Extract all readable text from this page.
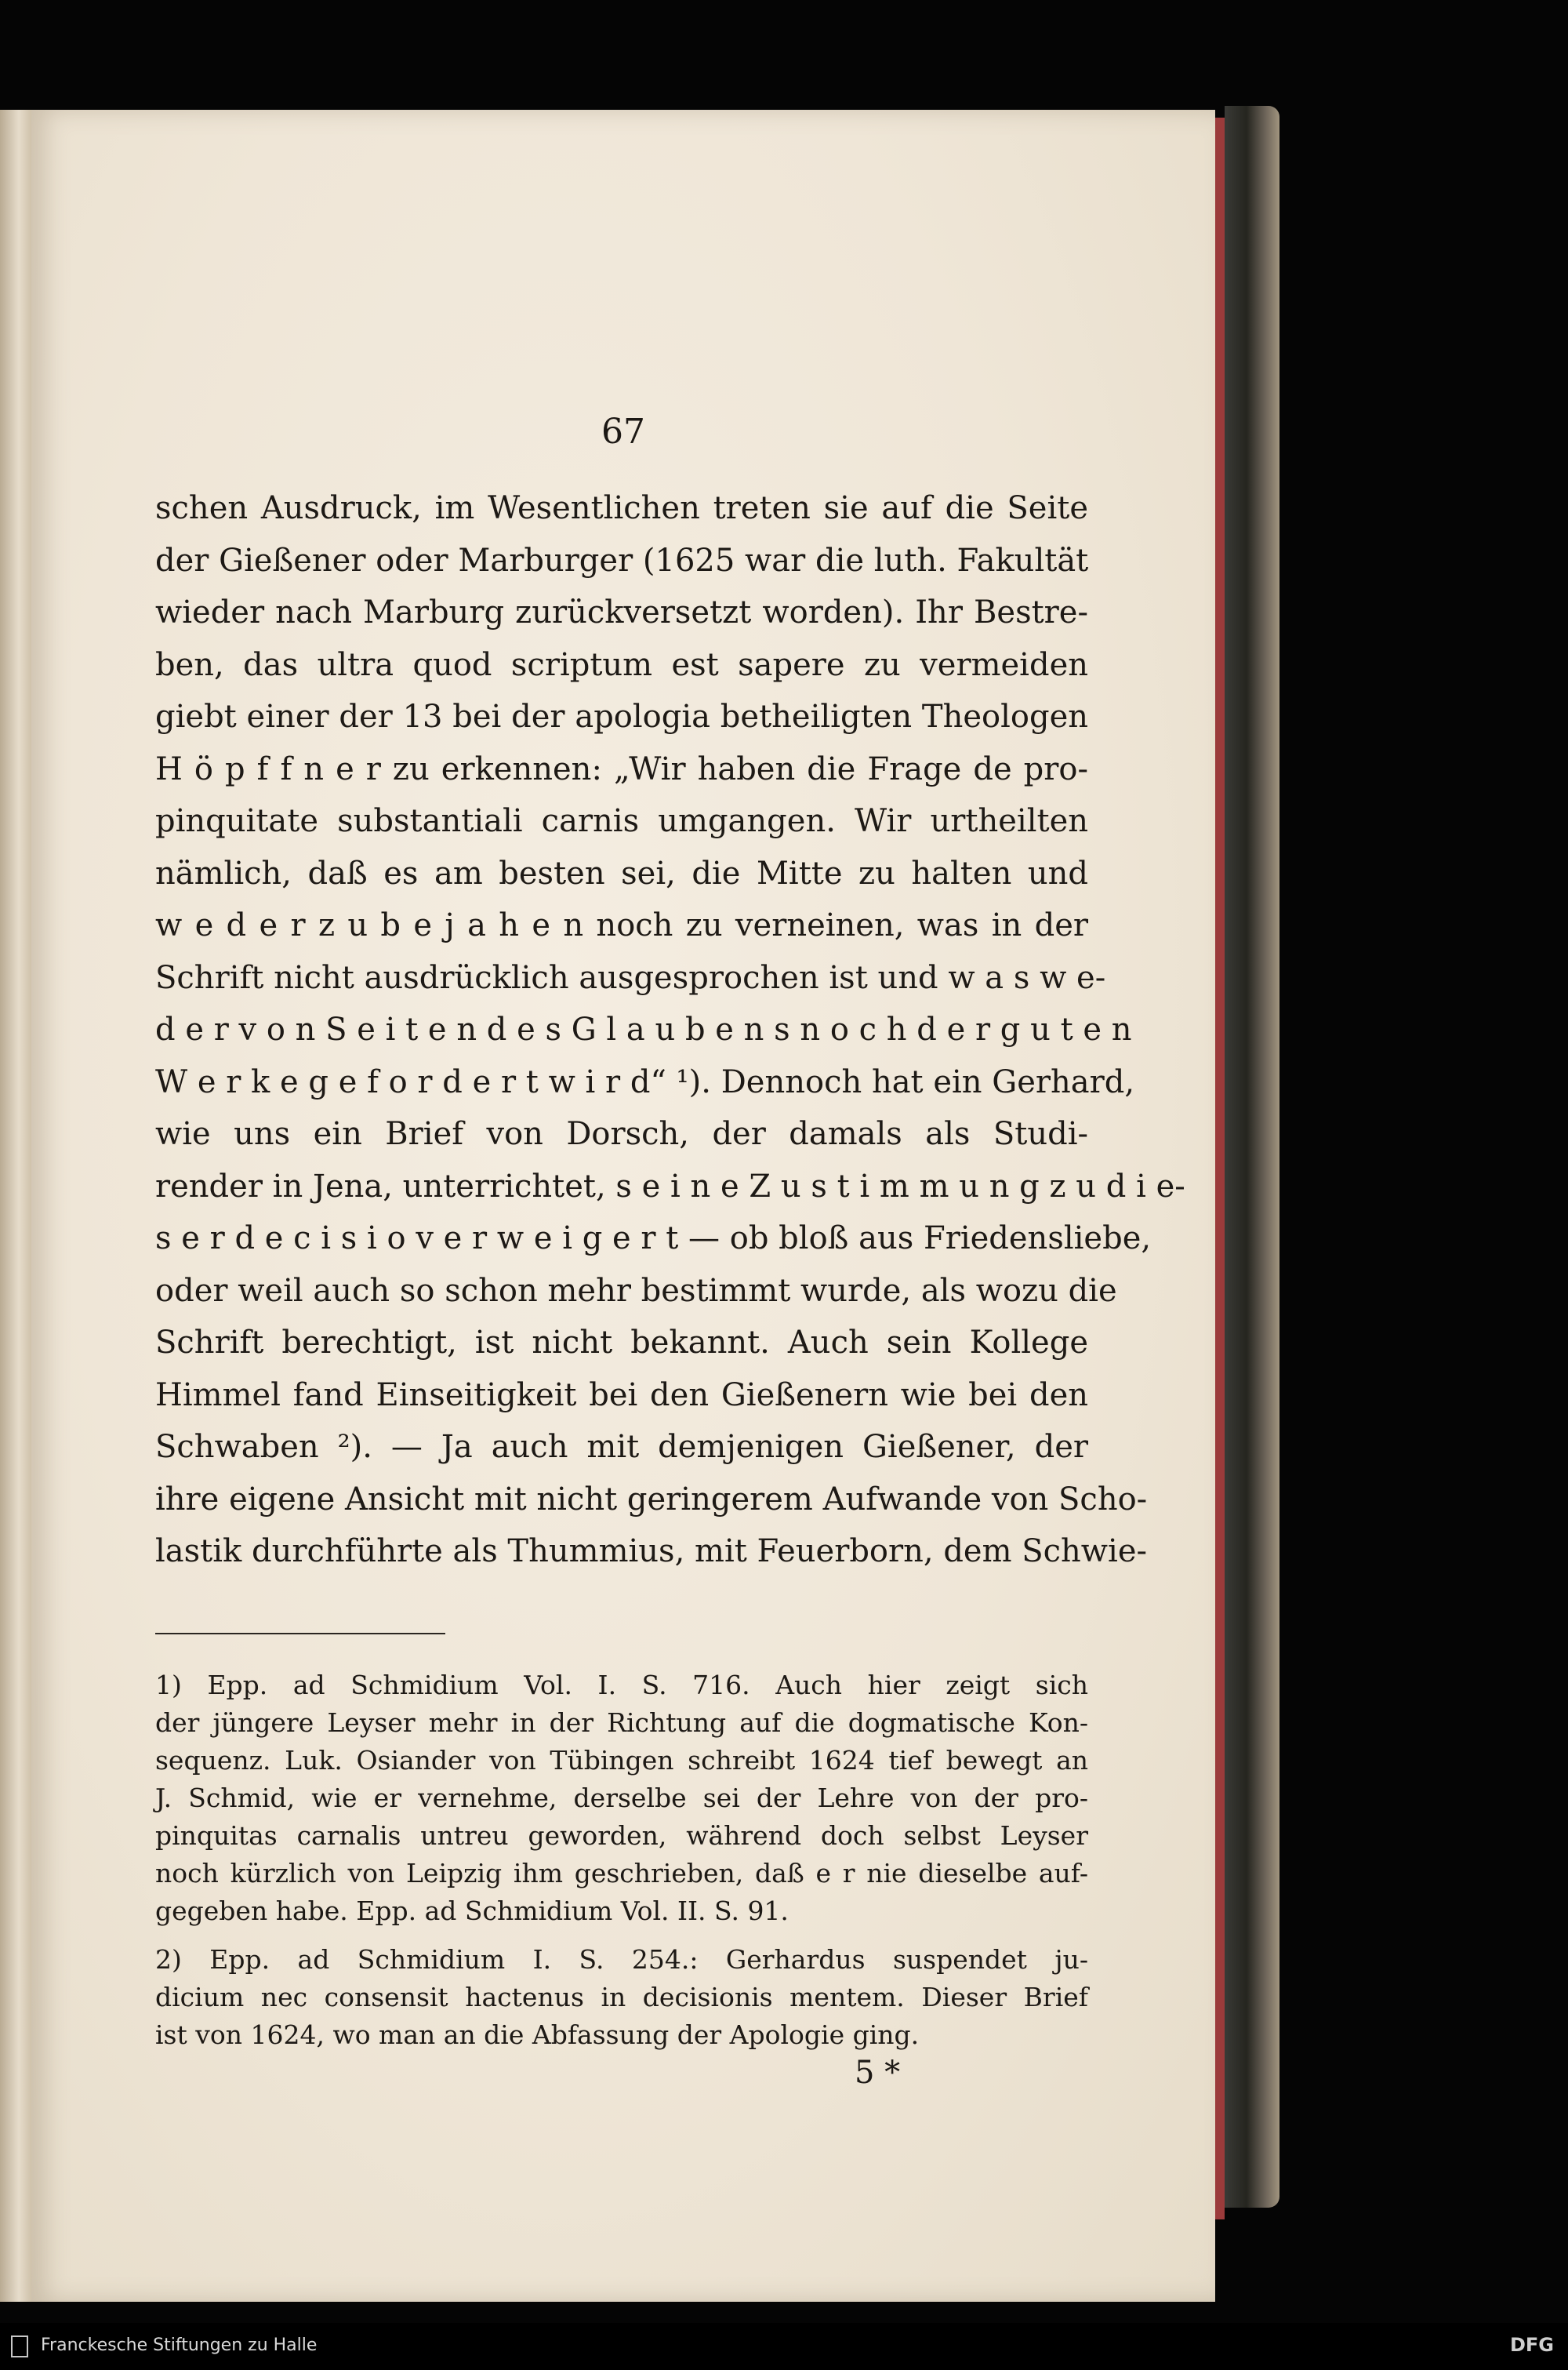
67
schen Ausdruck, im Wesentlichen treten sie auf die Seite
der Gießener oder Marburger (1625 war die luth. Fakultät
wieder nach Marburg zurückversetzt worden). Ihr Bestre-
ben, das ultra quod scriptum est sapere zu vermeiden
giebt einer der 13 bei der apologia betheiligten Theologen
H ö p f f n e r zu erkennen: „Wir haben die Frage de pro-
pinquitate substantiali carnis umgangen. Wir urtheilten
nämlich, daß es am besten sei, die Mitte zu halten und
w e d e r z u b e j a h e n noch zu verneinen, was in der
Schrift nicht ausdrücklich ausgesprochen ist und w a s w e-
d e r v o n S e i t e n d e s G l a u b e n s n o c h d e r g u t e n
W e r k e g e f o r d e r t w i r d“ ¹). Dennoch hat ein Gerhard,
wie uns ein Brief von Dorsch, der damals als Studi-
render in Jena, unterrichtet, s e i n e Z u s t i m m u n g z u d i e-
s e r d e c i s i o v e r w e i g e r t — ob bloß aus Friedensliebe,
oder weil auch so schon mehr bestimmt wurde, als wozu die
Schrift berechtigt, ist nicht bekannt. Auch sein Kollege
Himmel fand Einseitigkeit bei den Gießenern wie bei den
Schwaben ²). — Ja auch mit demjenigen Gießener, der
ihre eigene Ansicht mit nicht geringerem Aufwande von Scho-
lastik durchführte als Thummius, mit Feuerborn, dem Schwie-
1) Epp. ad Schmidium Vol. I. S. 716. Auch hier zeigt sich
der jüngere Leyser mehr in der Richtung auf die dogmatische Kon-
sequenz. Luk. Osiander von Tübingen schreibt 1624 tief bewegt an
J. Schmid, wie er vernehme, derselbe sei der Lehre von der pro-
pinquitas carnalis untreu geworden, während doch selbst Leyser
noch kürzlich von Leipzig ihm geschrieben, daß e r nie dieselbe auf-
gegeben habe. Epp. ad Schmidium Vol. II. S. 91.
2) Epp. ad Schmidium I. S. 254.: Gerhardus suspendet ju-
dicium nec consensit hactenus in decisionis mentem. Dieser Brief
ist von 1624, wo man an die Abfassung der Apologie ging.
5 *
Franckesche Stiftungen zu Halle	DFG
